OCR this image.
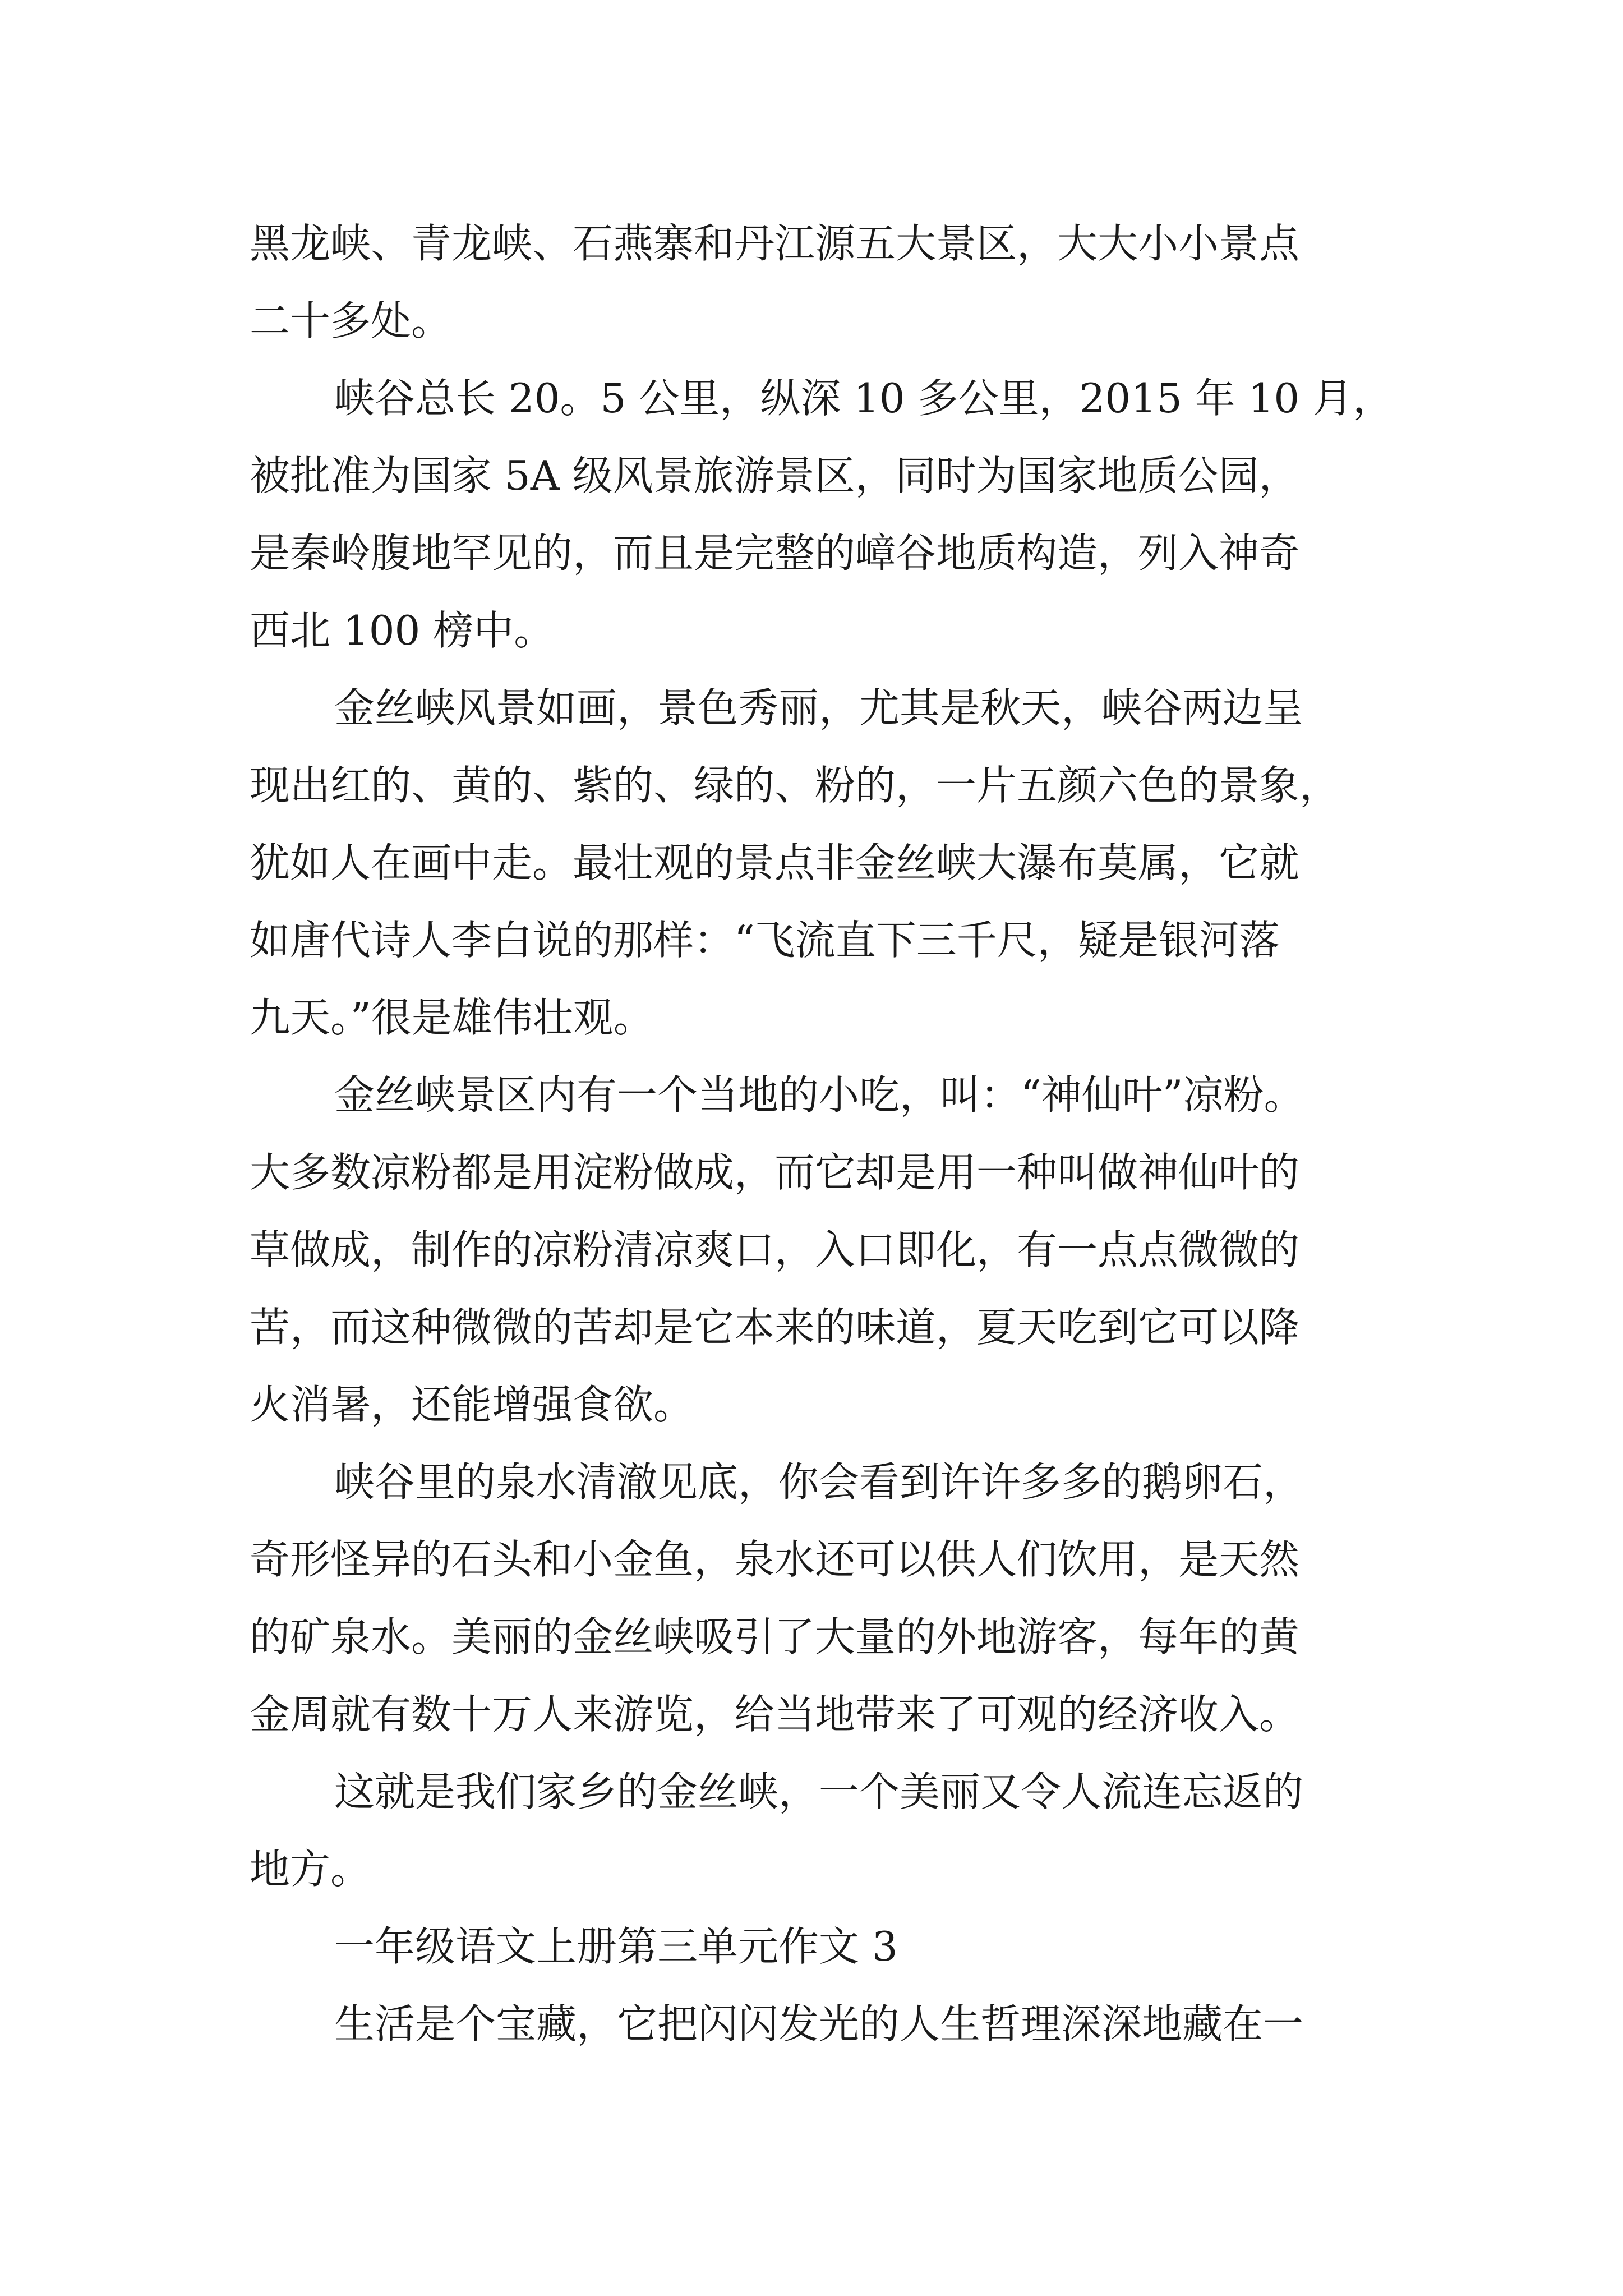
黑龙峡、青龙峡、石燕寨和丹江源五大景区，大大小小景点

二十多处。

峡谷总长 20。5 公里，纵深 10 多公里，2015 年 10 月，

被批准为国家 5A 级风景旅游景区，同时为国家地质公园，

是秦岭腹地罕见的，而且是完整的嶂谷地质构造，列入神奇

西北 100 榜中。

金丝峡风景如画，景色秀丽，尤其是秋天，峡谷两边呈

现出红的、黄的、紫的、绿的、粉的，一片五颜六色的景象，

犹如人在画中走。最壮观的景点非金丝峡大瀑布莫属，它就

如唐代诗人李白说的那样：“飞流直下三千尺，疑是银河落

九天。”很是雄伟壮观。

金丝峡景区内有一个当地的小吃，叫：“神仙叶”凉粉。

大多数凉粉都是用淀粉做成，而它却是用一种叫做神仙叶的

草做成，制作的凉粉清凉爽口，入口即化，有一点点微微的

苦，而这种微微的苦却是它本来的味道，夏天吃到它可以降

火消暑，还能增强食欲。

峡谷里的泉水清澈见底，你会看到许许多多的鹅卵石，

奇形怪异的石头和小金鱼，泉水还可以供人们饮用，是天然

的矿泉水。美丽的金丝峡吸引了大量的外地游客，每年的黄

金周就有数十万人来游览，给当地带来了可观的经济收入。

这就是我们家乡的金丝峡，一个美丽又令人流连忘返的

地方。

一年级语文上册第三单元作文 3

生活是个宝藏，它把闪闪发光的人生哲理深深地藏在一
